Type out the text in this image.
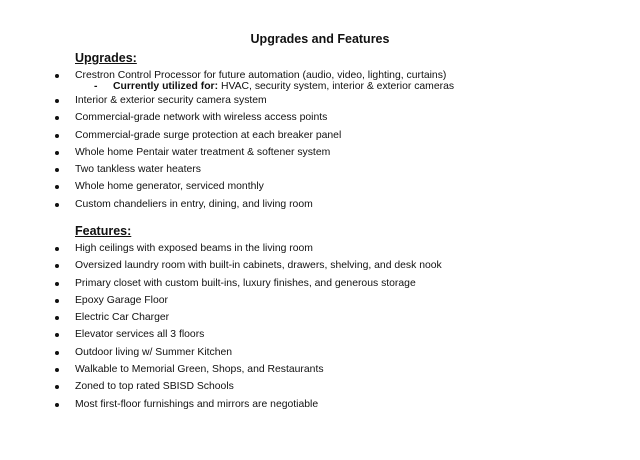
Upgrades and Features
Upgrades:
Crestron Control Processor for future automation (audio, video, lighting, curtains)
- Currently utilized for: HVAC, security system, interior & exterior cameras
Interior & exterior security camera system
Commercial-grade network with wireless access points
Commercial-grade surge protection at each breaker panel
Whole home Pentair water treatment & softener system
Two tankless water heaters
Whole home generator, serviced monthly
Custom chandeliers in entry, dining, and living room
Features:
High ceilings with exposed beams in the living room
Oversized laundry room with built-in cabinets, drawers, shelving, and desk nook
Primary closet with custom built-ins, luxury finishes, and generous storage
Epoxy Garage Floor
Electric Car Charger
Elevator services all 3 floors
Outdoor living w/ Summer Kitchen
Walkable to Memorial Green, Shops, and Restaurants
Zoned to top rated SBISD Schools
Most first-floor furnishings and mirrors are negotiable
